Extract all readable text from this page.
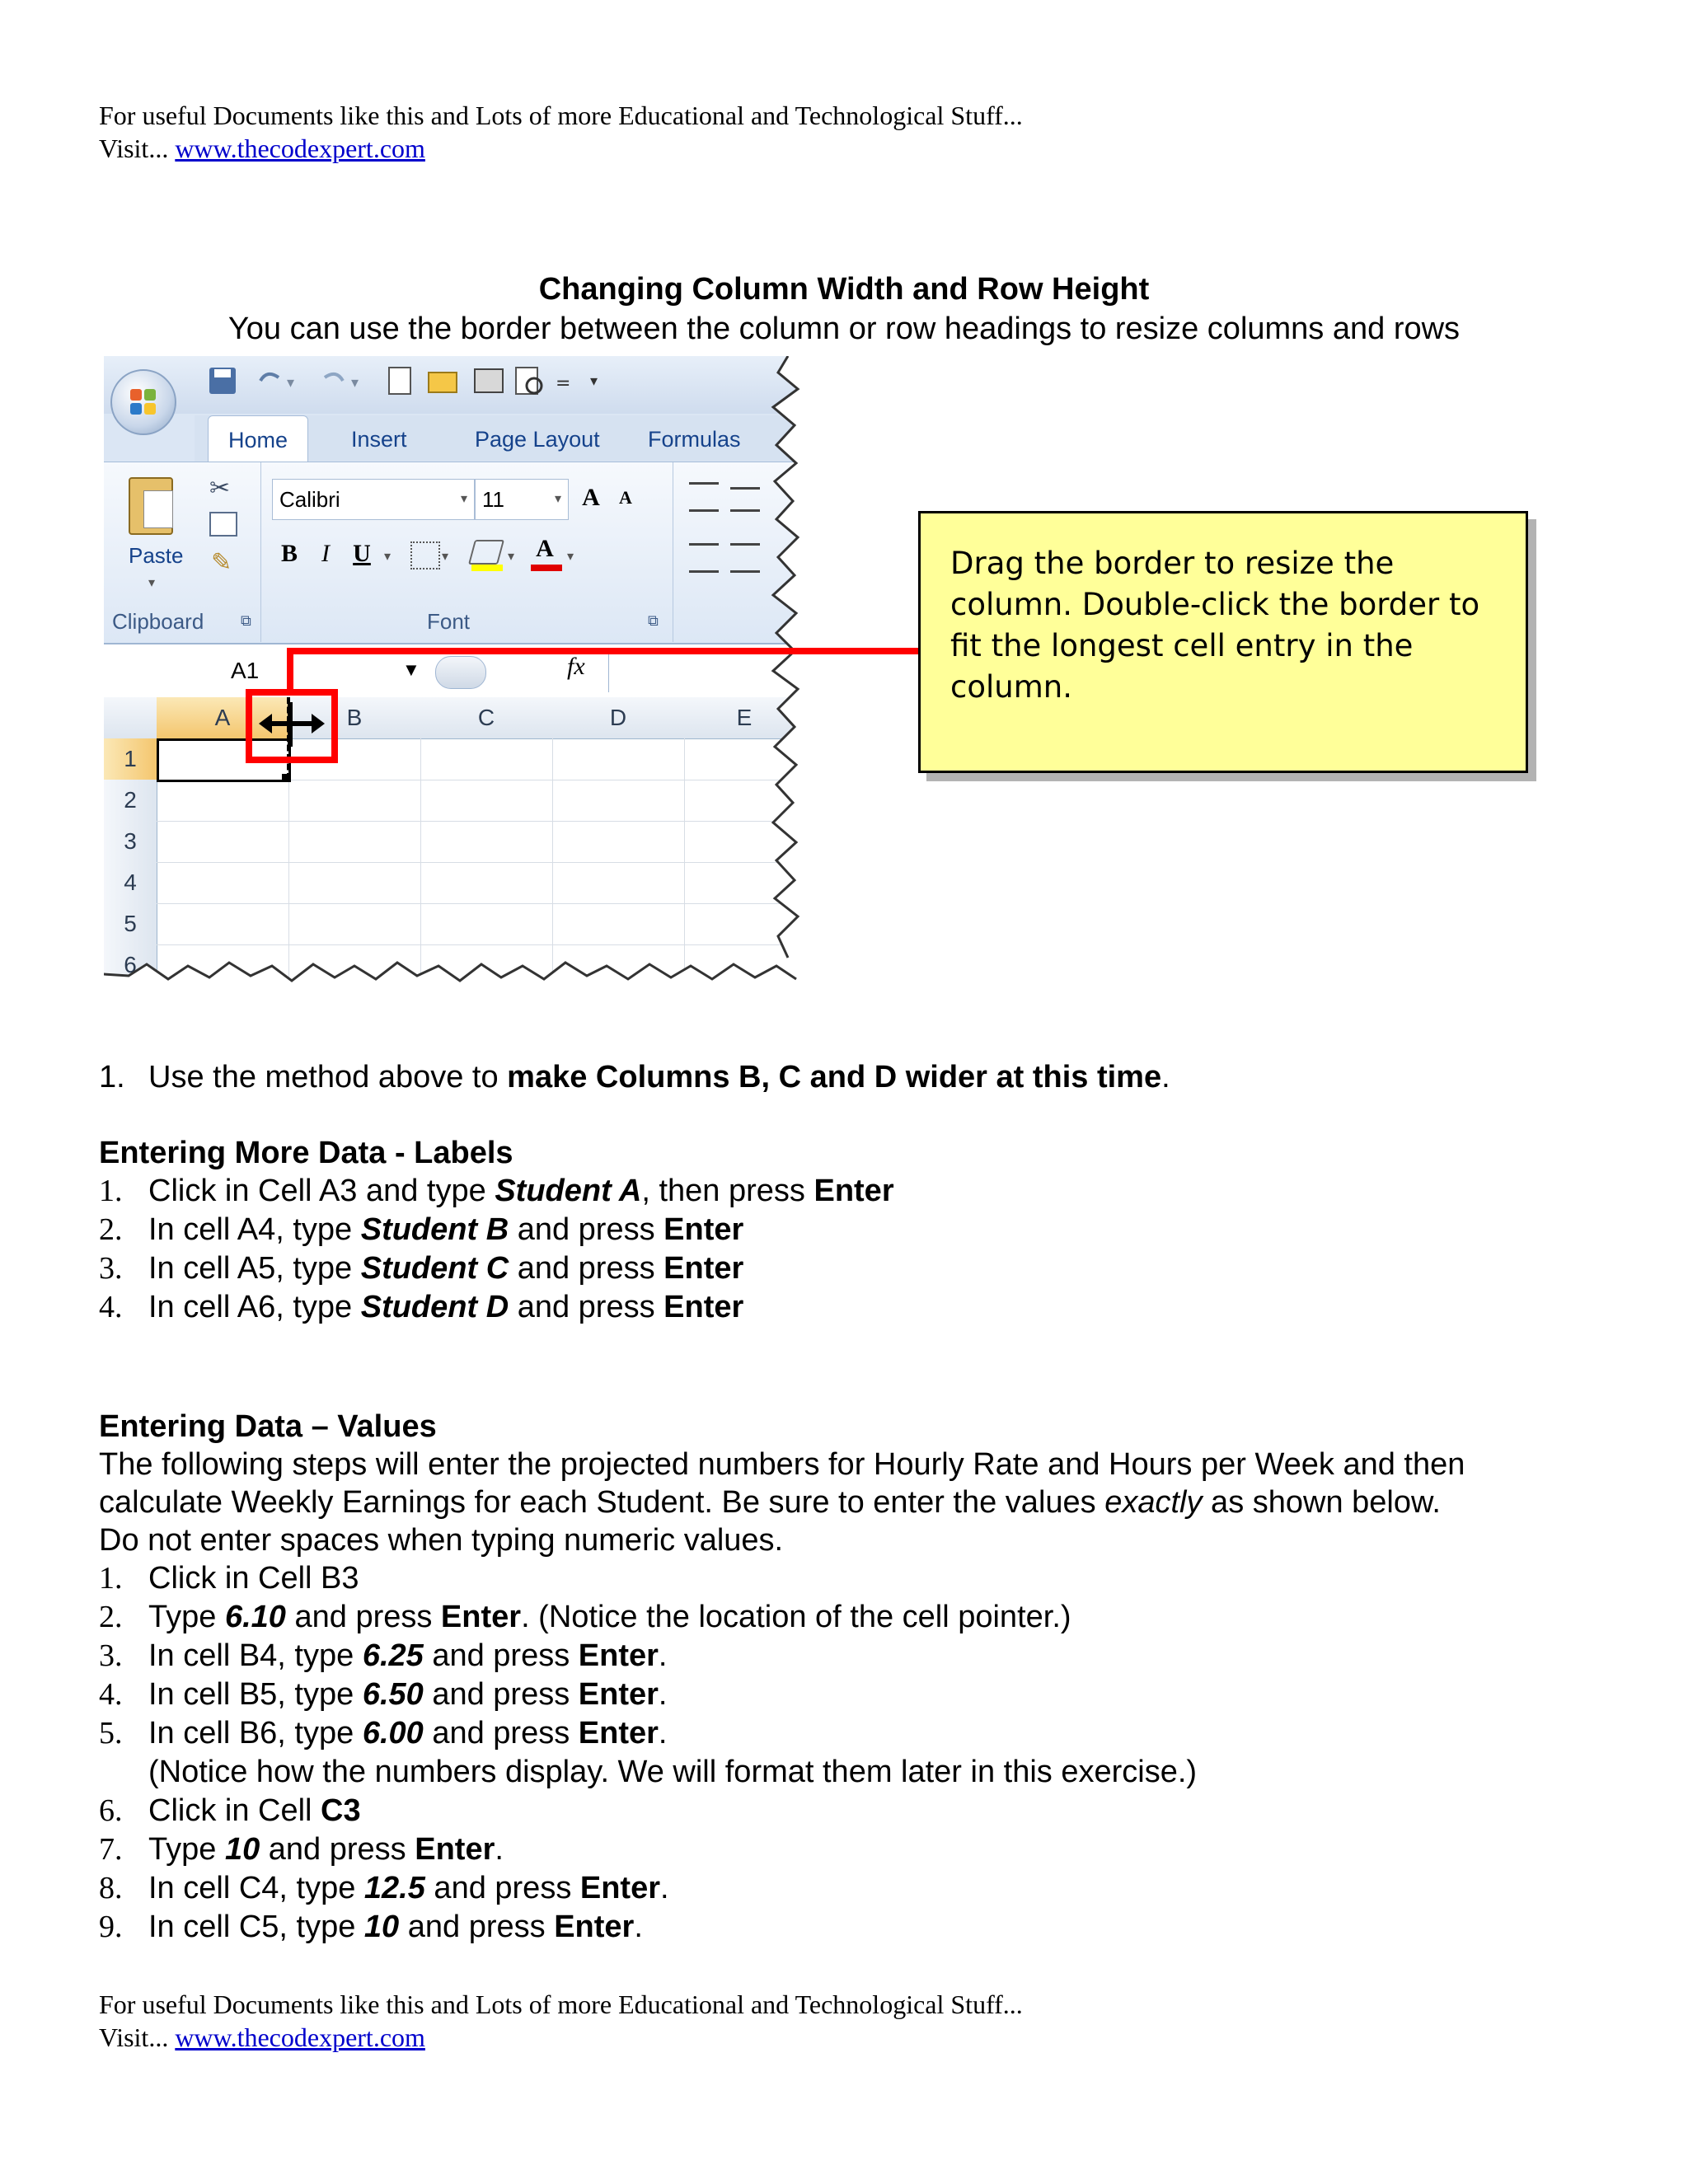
For useful Documents like this and Lots of more Educational and Technological Stuff...
Visit... www.thecodexpert.com
Changing Column Width and Row Height
You can use the border between the column or row headings to resize columns and rows
▾	▾	= ▾
Home	Insert	Page Layout Formulas
Paste
▾
✂
✎
Clipboard ⧉
Calibri	▾ 11	▾ A	A
B I U	▾	▾	▾ A	▾
Font	⧉
A1	▼	fx
A	B	C	D	E
1
2
3
4
5
6
Drag the border to resize the column. Double-click the border to fit the longest cell entry in the column.
1. Use the method above to make Columns B, C and D wider at this time.
Entering More Data - Labels
1. Click in Cell A3 and type Student A, then press Enter
2. In cell A4, type Student B and press Enter
3. In cell A5, type Student C and press Enter
4. In cell A6, type Student D and press Enter
Entering Data – Values
The following steps will enter the projected numbers for Hourly Rate and Hours per Week and then
calculate Weekly Earnings for each Student. Be sure to enter the values exactly as shown below.
Do not enter spaces when typing numeric values.
1. Click in Cell B3
2. Type 6.10 and press Enter. (Notice the location of the cell pointer.)
3. In cell B4, type 6.25 and press Enter.
4. In cell B5, type 6.50 and press Enter.
5. In cell B6, type 6.00 and press Enter.
(Notice how the numbers display. We will format them later in this exercise.)
6. Click in Cell C3
7. Type 10 and press Enter.
8. In cell C4, type 12.5 and press Enter.
9. In cell C5, type 10 and press Enter.
For useful Documents like this and Lots of more Educational and Technological Stuff...
Visit... www.thecodexpert.com
